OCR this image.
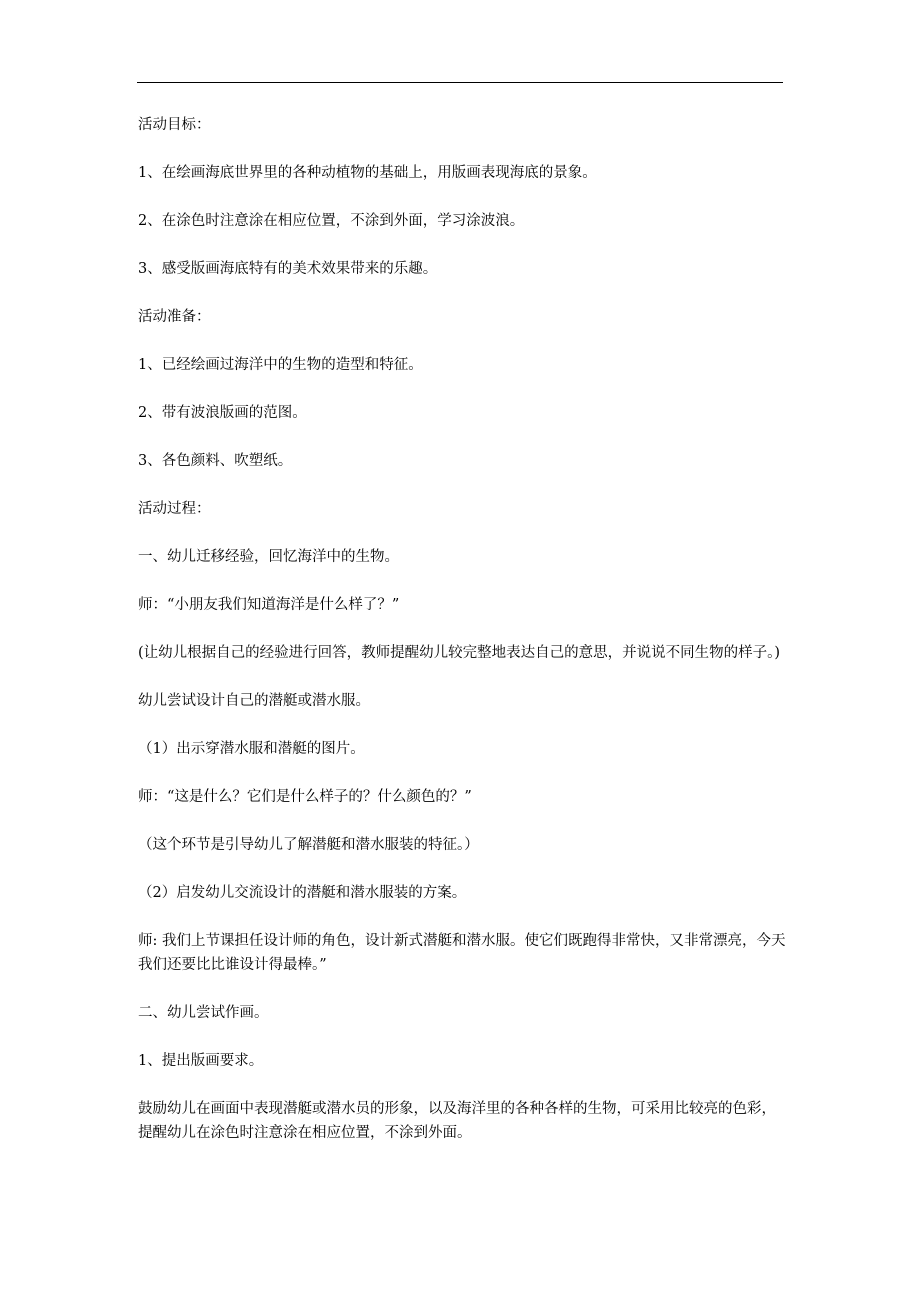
活动目标：

1、在绘画海底世界里的各种动植物的基础上，用版画表现海底的景象。

2、在涂色时注意涂在相应位置，不涂到外面，学习涂波浪。

3、感受版画海底特有的美术效果带来的乐趣。

活动准备：

1、已经绘画过海洋中的生物的造型和特征。

2、带有波浪版画的范图。

3、各色颜料、吹塑纸。

活动过程：

一、幼儿迁移经验，回忆海洋中的生物。

师：“小朋友我们知道海洋是什么样了？”

(让幼儿根据自己的经验进行回答，教师提醒幼儿较完整地表达自己的意思，并说说不同生物的样子。)

幼儿尝试设计自己的潜艇或潜水服。

（1）出示穿潜水服和潜艇的图片。

师：“这是什么？它们是什么样子的？什么颜色的？”

（这个环节是引导幼儿了解潜艇和潜水服装的特征。）

（2）启发幼儿交流设计的潜艇和潜水服装的方案。

师: 我们上节课担任设计师的角色，设计新式潜艇和潜水服。使它们既跑得非常快，又非常漂亮，今天我们还要比比谁设计得最棒。”

二、幼儿尝试作画。

1、提出版画要求。

鼓励幼儿在画面中表现潜艇或潜水员的形象，以及海洋里的各种各样的生物，可采用比较亮的色彩，提醒幼儿在涂色时注意涂在相应位置，不涂到外面。
